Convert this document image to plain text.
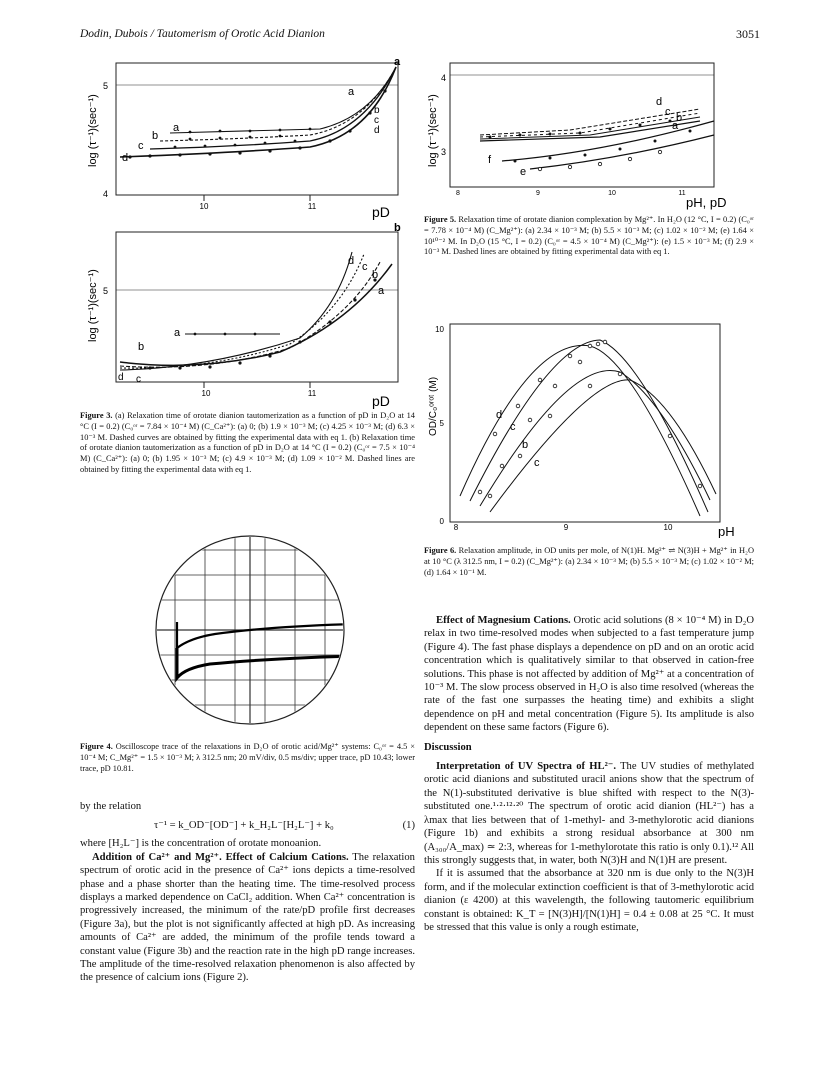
Dodin, Dubois / Tautomerism of Orotic Acid Dianion	3051
5
4
10	11	pD
a
log (τ⁻¹)(sec⁻¹)	a
b
c
d
a
b
c
d
5
10	11	pD
b
log (τ⁻¹)(sec⁻¹)	a
a
b
d c
d c
b
Figure 3. (a) Relaxation time of orotate dianion tautomerization as a function of pD in D₂O at 14 °C (I = 0.2) (C₀ᵒʳ = 7.84 × 10⁻⁴ M) (C_Ca²⁺): (a) 0; (b) 1.9 × 10⁻³ M; (c) 4.25 × 10⁻³ M; (d) 6.3 × 10⁻³ M. Dashed curves are obtained by fitting the experimental data with eq 1. (b) Relaxation time of orotate dianion tautomerization as a function of pD in D₂O at 14 °C (I = 0.2) (C₀ᵒʳ = 7.5 × 10⁻⁴ M) (C_Ca²⁺): (a) 0; (b) 1.95 × 10⁻³ M; (c) 4.9 × 10⁻³ M; (d) 1.09 × 10⁻² M. Dashed lines are obtained by fitting the experimental data with eq 1.
Figure 4. Oscilloscope trace of the relaxations in D₂O of orotic acid/Mg²⁺ systems: C₀ᵒʳ = 4.5 × 10⁻⁴ M; C_Mg²⁺ = 1.5 × 10⁻³ M; λ 312.5 nm; 20 mV/div, 0.5 ms/div; upper trace, pD 10.43; lower trace, pD 10.81.

by the relation

τ⁻¹ = k_OD⁻[OD⁻] + k_H₂L⁻[H₂L⁻] + k₀	(1)

where [H₂L⁻] is the concentration of orotate monoanion.

Addition of Ca²⁺ and Mg²⁺. Effect of Calcium Cations. The relaxation spectrum of orotic acid in the presence of Ca²⁺ ions depicts a time-resolved phase and a phase shorter than the heating time. The time-resolved process displays a marked dependence on CaCl₂ addition. When Ca²⁺ concentration is progressively increased, the minimum of the rate/pD profile first decreases (Figure 3a), but the plot is not significantly affected at high pD. As increasing amounts of Ca²⁺ are added, the minimum of the profile tends toward a constant value (Figure 3b) and the reaction rate in the high pD range increases. The amplitude of the time-resolved relaxation phenomenon is also affected by the presence of calcium ions (Figure 2).

4
3
8	9	10	11
pH, pD
log (τ⁻¹)(sec⁻¹)	d
c b
a
f
e
Figure 5. Relaxation time of orotate dianion complexation by Mg²⁺. In H₂O (12 °C, I = 0.2) (C₀ᵒʳ = 7.78 × 10⁻⁴ M) (C_Mg²⁺): (a) 2.34 × 10⁻³ M; (b) 5.5 × 10⁻³ M; (c) 1.02 × 10⁻² M; (e) 1.64 × 10¹⁰⁻² M. In D₂O (15 °C, I = 0.2) (C₀ᵒʳ = 4.5 × 10⁻⁴ M) (C_Mg²⁺): (e) 1.5 × 10⁻³ M; (f) 2.9 × 10⁻³ M. Dashed lines are obtained by fitting experimental data with eq 1.
10
5
0
8	9	10	pH
OD/C₀ᵒʳᵒᵗ (M)	d
c
b
c
Figure 6. Relaxation amplitude, in OD units per mole, of N(1)H. Mg²⁺ ⇌ N(3)H + Mg²⁺ in H₂O at 10 °C (λ 312.5 nm, I = 0.2) (C_Mg²⁺): (a) 2.34 × 10⁻³ M; (b) 5.5 × 10⁻³ M; (c) 1.02 × 10⁻² M; (d) 1.64 × 10⁻¹ M.

Effect of Magnesium Cations. Orotic acid solutions (8 × 10⁻⁴ M) in D₂O relax in two time-resolved modes when subjected to a fast temperature jump (Figure 4). The fast phase displays a dependence on pD and on an orotic acid concentration which is qualitatively similar to that observed in cation-free solutions. This phase is not affected by addition of Mg²⁺ at a concentration of 10⁻³ M. The slow process observed in H₂O is also time resolved (whereas the rate of the fast one surpasses the heating time) and exhibits a slight dependence on pH and metal concentration (Figure 5). Its amplitude is also dependent on these same factors (Figure 6).

Discussion

Interpretation of UV Spectra of HL²⁻. The UV studies of methylated orotic acid dianions and substituted uracil anions show that the spectrum of the N(1)-substituted derivative is blue shifted with respect to the N(3)-substituted one.¹·²·¹²·²⁰ The spectrum of orotic acid dianion (HL²⁻) has a λmax that lies between that of 1-methyl- and 3-methylorotic acid dianions (Figure 1b) and exhibits a strong residual absorbance at 300 nm (A₃₀₀/A_max) ≃ 2:3, whereas for 1-methylorotate this ratio is only 0.1).¹² All this strongly suggests that, in water, both N(3)H and N(1)H are present.

If it is assumed that the absorbance at 320 nm is due only to the N(3)H form, and if the molecular extinction coefficient is that of 3-methylorotic acid dianion (ε 4200) at this wavelength, the following tautomeric equilibrium constant is obtained: K_T = [N(3)H]/[N(1)H] = 0.4 ± 0.08 at 25 °C. It must be stressed that this value is only a rough estimate,
